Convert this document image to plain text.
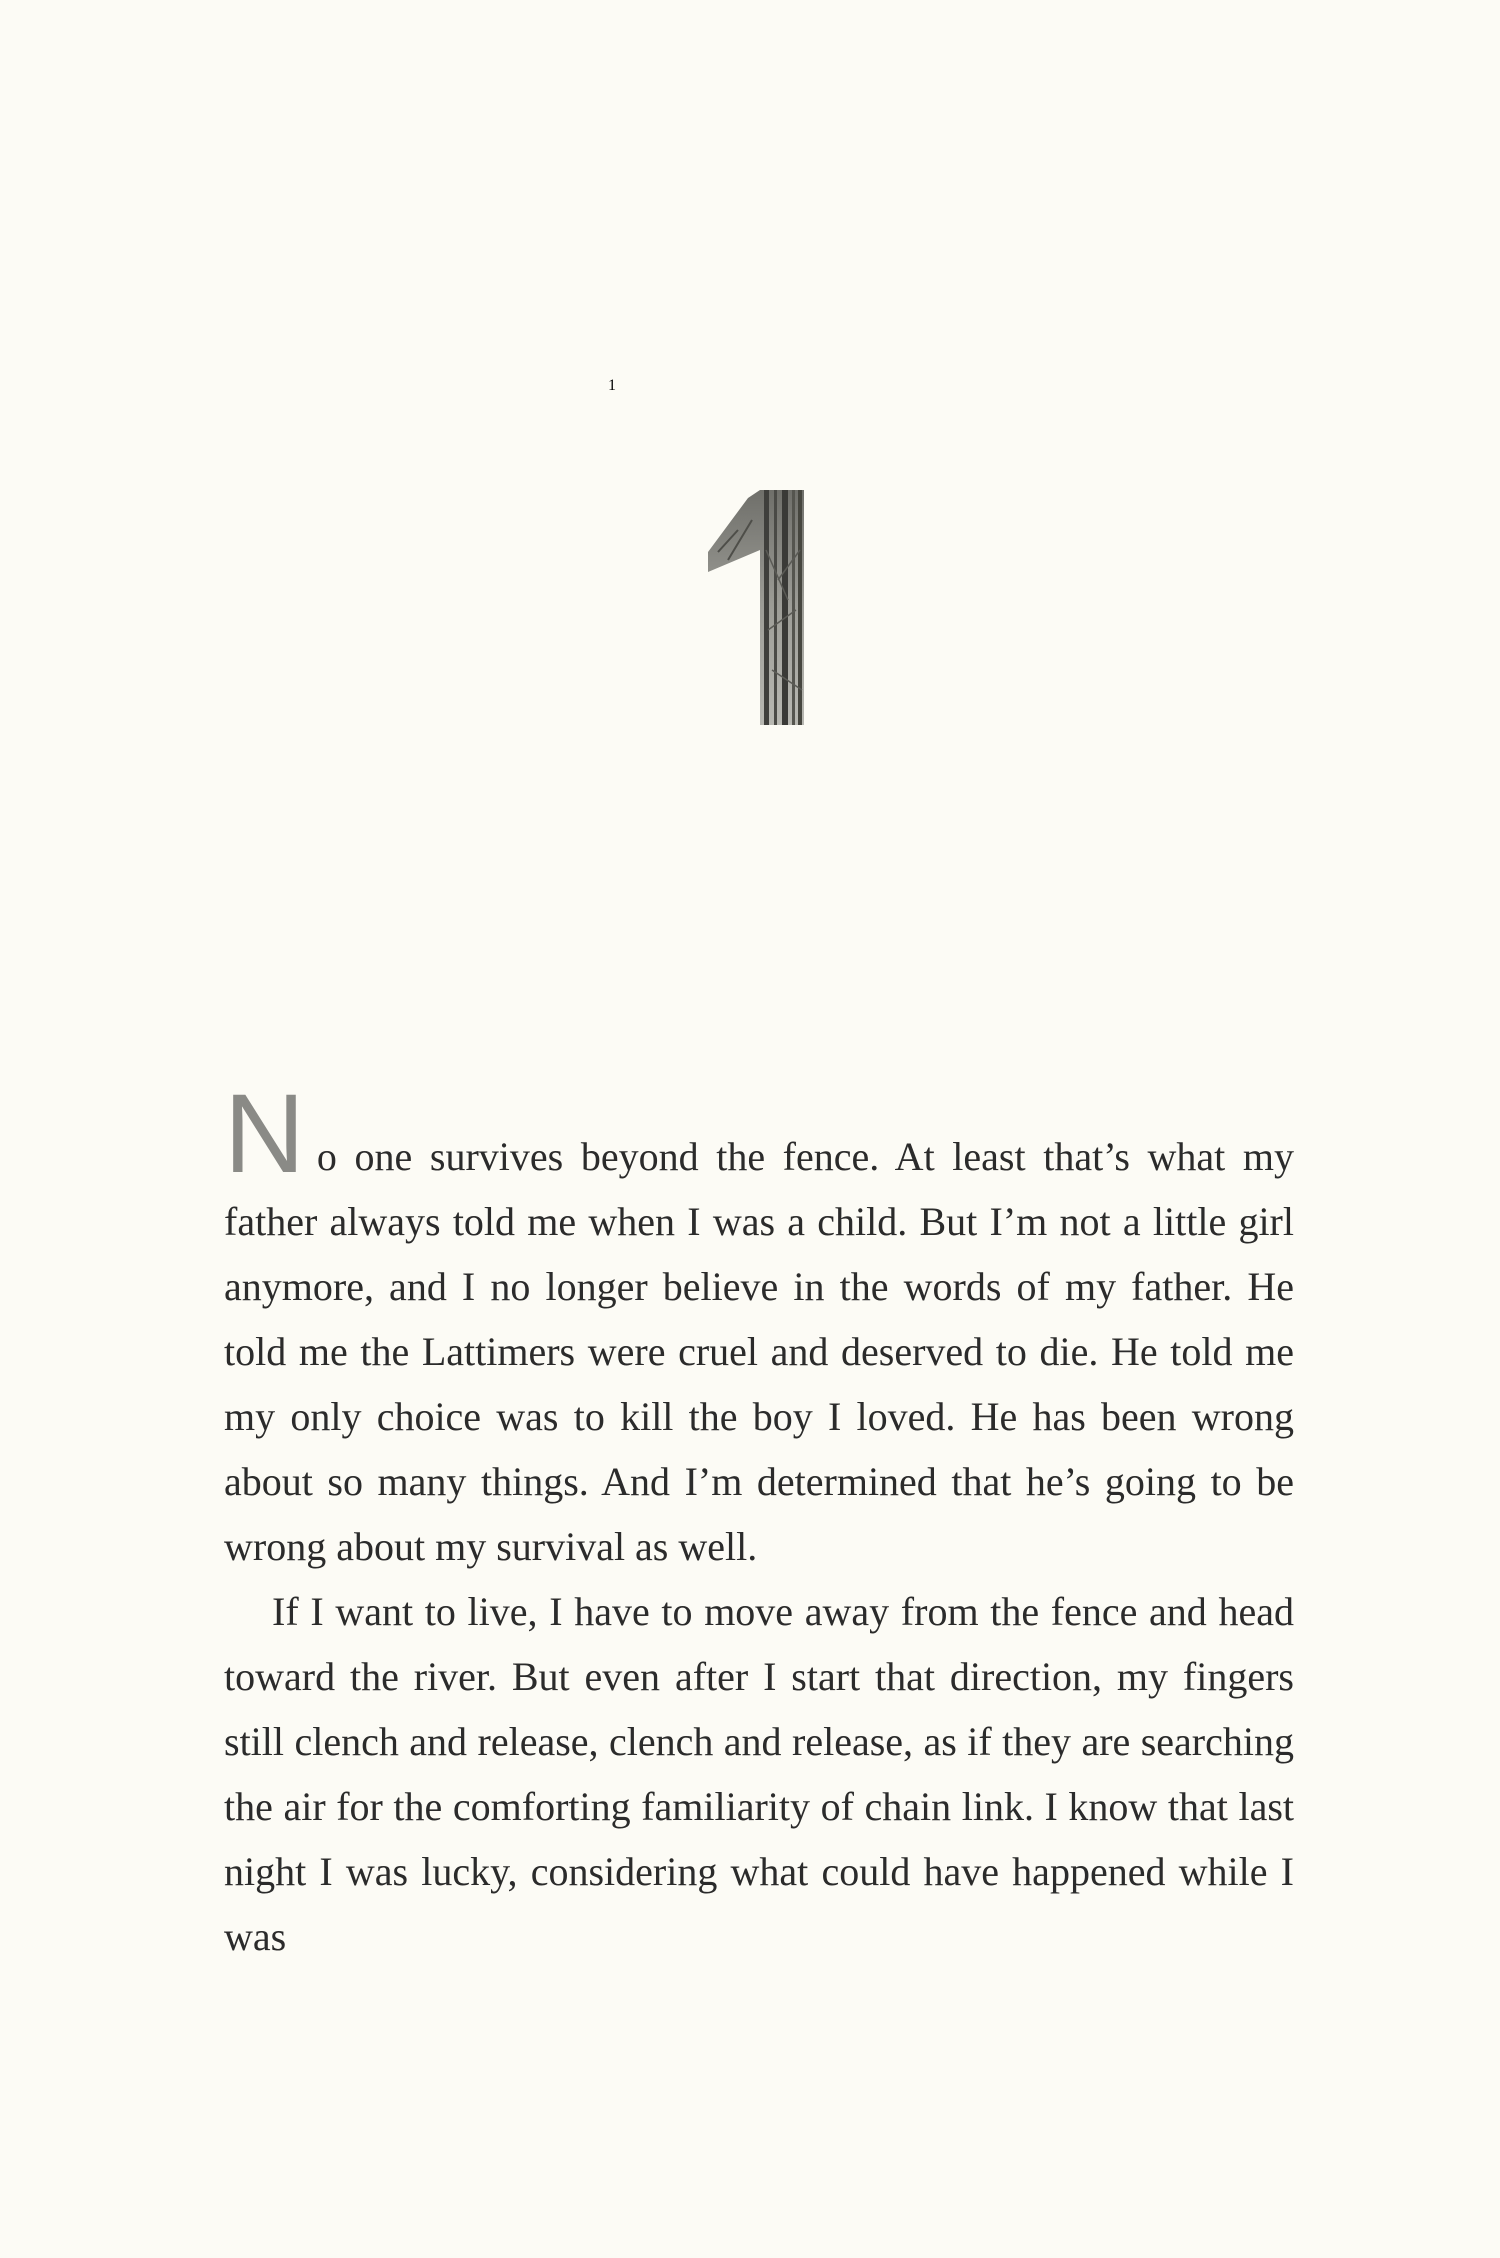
1

No one survives beyond the fence. At least that’s what my father always told me when I was a child. But I’m not a little girl anymore, and I no longer believe in the words of my father. He told me the Lattimers were cruel and deserved to die. He told me my only choice was to kill the boy I loved. He has been wrong about so many things. And I’m determined that he’s going to be wrong about my survival as well.

If I want to live, I have to move away from the fence and head toward the river. But even after I start that direction, my fingers still clench and release, clench and release, as if they are searching the air for the comforting familiarity of chain link. I know that last night I was lucky, considering what could have happened while I was
